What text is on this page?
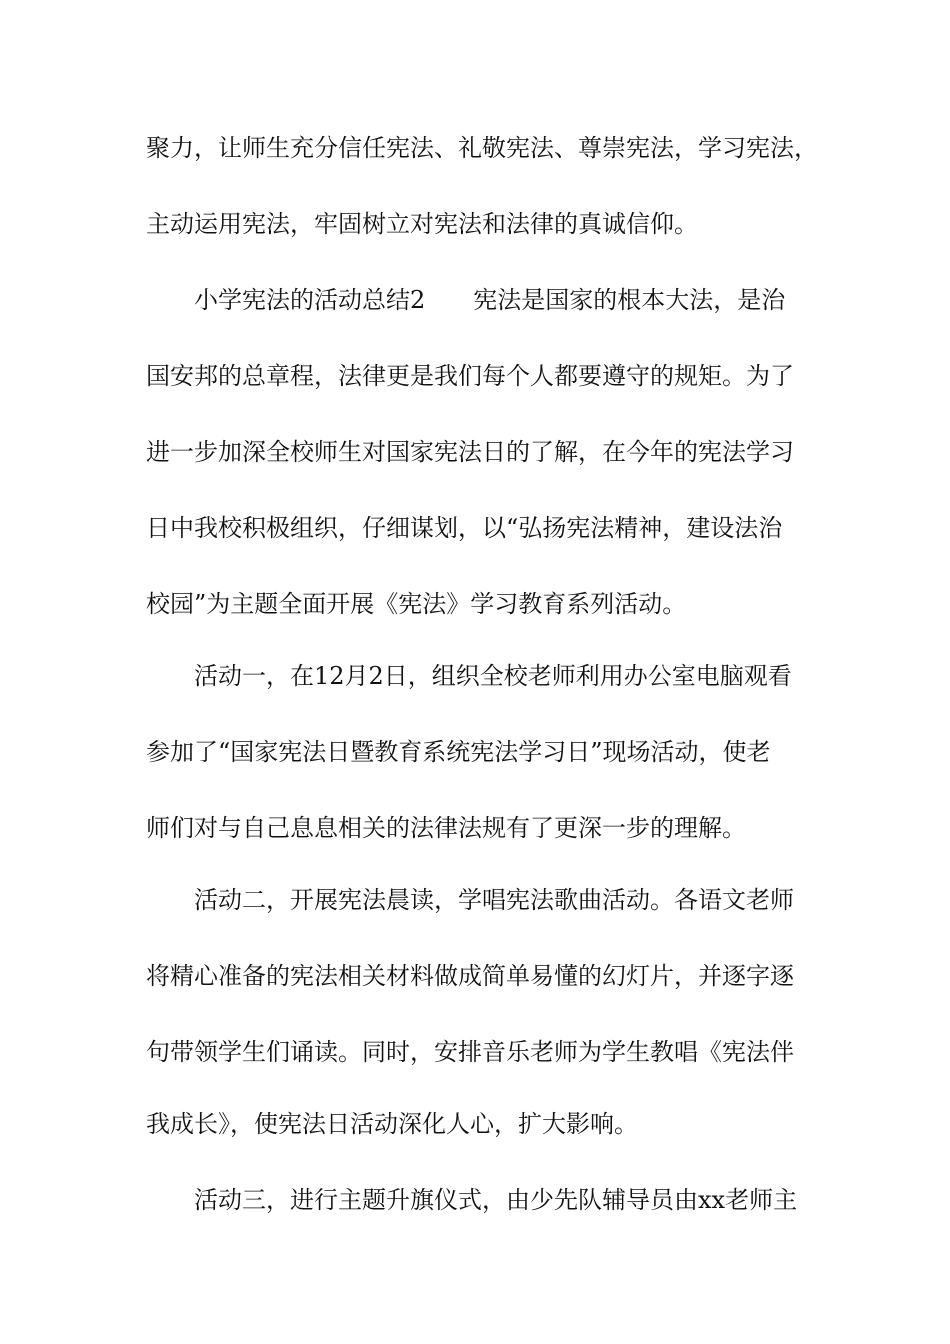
聚力，让师生充分信任宪法、礼敬宪法、尊崇宪法，学习宪法，
主动运用宪法，牢固树立对宪法和法律的真诚信仰。
小学宪法的活动总结2　　宪法是国家的根本大法，是治
国安邦的总章程，法律更是我们每个人都要遵守的规矩。为了
进一步加深全校师生对国家宪法日的了解，在今年的宪法学习
日中我校积极组织，仔细谋划，以“弘扬宪法精神，建设法治
校园”为主题全面开展《宪法》学习教育系列活动。
活动一，在12月2日，组织全校老师利用办公室电脑观看
参加了“国家宪法日暨教育系统宪法学习日”现场活动，使老
师们对与自己息息相关的法律法规有了更深一步的理解。
活动二，开展宪法晨读，学唱宪法歌曲活动。各语文老师
将精心准备的宪法相关材料做成简单易懂的幻灯片，并逐字逐
句带领学生们诵读。同时，安排音乐老师为学生教唱《宪法伴
我成长》，使宪法日活动深化人心，扩大影响。
活动三，进行主题升旗仪式，由少先队辅导员由xx老师主
